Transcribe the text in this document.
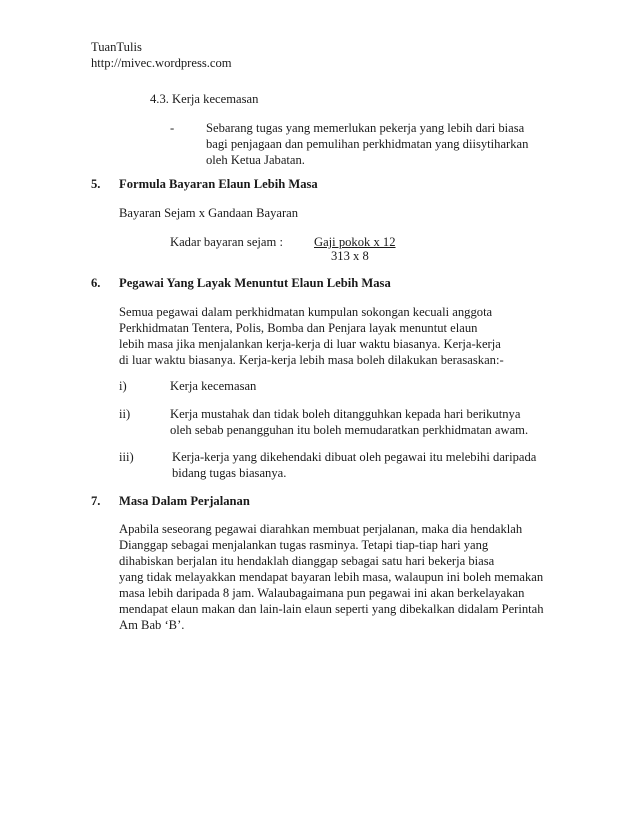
TuanTulis
http://mivec.wordpress.com
4.3. Kerja kecemasan
-	Sebarang tugas yang memerlukan pekerja yang lebih dari biasa
bagi penjagaan dan pemulihan perkhidmatan yang diisytiharkan
oleh Ketua Jabatan.
5. Formula Bayaran Elaun Lebih Masa
Bayaran Sejam x Gandaan Bayaran
Kadar bayaran sejam : Gaji pokok x 12
313 x 8
6. Pegawai Yang Layak Menuntut Elaun Lebih Masa
Semua pegawai dalam perkhidmatan kumpulan sokongan kecuali anggota
Perkhidmatan Tentera, Polis, Bomba dan Penjara layak menuntut elaun
lebih masa jika menjalankan kerja-kerja di luar waktu biasanya. Kerja-kerja
di luar waktu biasanya. Kerja-kerja lebih masa boleh dilakukan berasaskan:-
i)	Kerja kecemasan
ii)	Kerja mustahak dan tidak boleh ditangguhkan kepada hari berikutnya
oleh sebab penangguhan itu boleh memudaratkan perkhidmatan awam.
iii)	Kerja-kerja yang dikehendaki dibuat oleh pegawai itu melebihi daripada
bidang tugas biasanya.
7. Masa Dalam Perjalanan
Apabila seseorang pegawai diarahkan membuat perjalanan, maka dia hendaklah
Dianggap sebagai menjalankan tugas rasminya. Tetapi tiap-tiap hari yang
dihabiskan berjalan itu hendaklah dianggap sebagai satu hari bekerja biasa
yang tidak melayakkan mendapat bayaran lebih masa, walaupun ini boleh memakan
masa lebih daripada 8 jam. Walaubagaimana pun pegawai ini akan berkelayakan
mendapat elaun makan dan lain-lain elaun seperti yang dibekalkan didalam Perintah
Am Bab ‘B’.
